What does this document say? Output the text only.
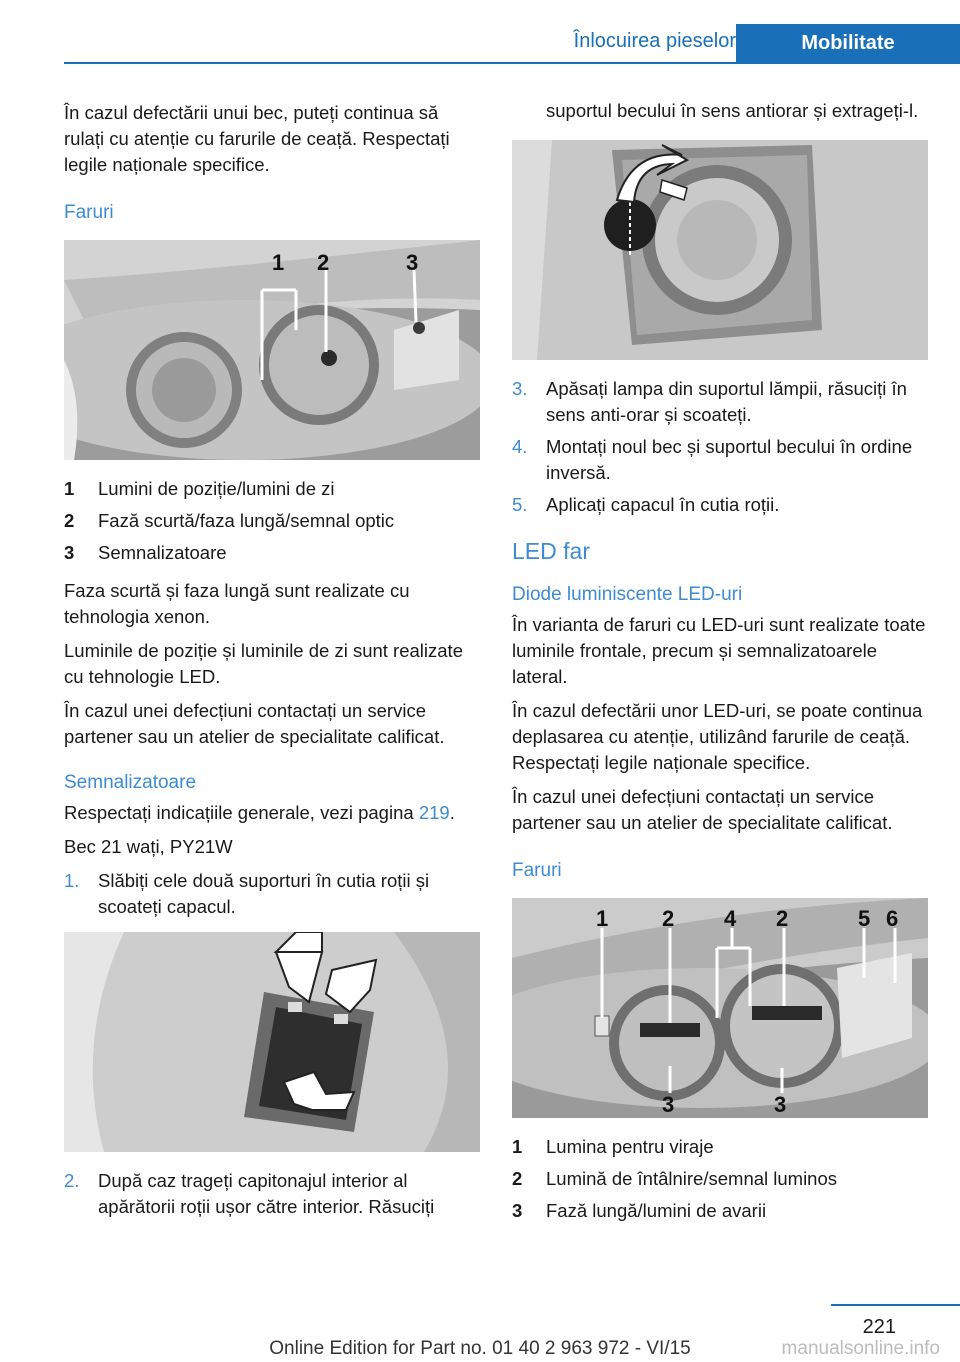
Înlocuirea pieselor	Mobilitate

În cazul defectării unui bec, puteți continua să rulați cu atenție cu farurile de ceață. Respectați legile naționale specifice.

Faruri
1 2	3
1	Lumini de poziție/lumini de zi
2	Fază scurtă/faza lungă/semnal optic
3	Semnalizatoare

Faza scurtă și faza lungă sunt realizate cu tehnologia xenon.

Luminile de poziție și luminile de zi sunt realizate cu tehnologie LED.

În cazul unei defecțiuni contactați un service partener sau un atelier de specialitate calificat.

Semnalizatoare

Respectați indicațiile generale, vezi pagina 219.

Bec 21 wați, PY21W

1.	Slăbiți cele două suporturi în cutia roții și scoateți capacul.
2.	După caz trageți capitonajul interior al apărătorii roții ușor către interior. Răsuciți

suportul becului în sens antiorar și extrageți-l.

3.	Apăsați lampa din suportul lămpii, răsuciți în sens anti-orar și scoateți.
4.	Montați noul bec și suportul becului în ordine inversă.
5.	Aplicați capacul în cutia roții.
LED far
Diode luminiscente LED-uri

În varianta de faruri cu LED-uri sunt realizate toate luminile frontale, precum și semnalizatoarele lateral.

În cazul defectării unor LED-uri, se poate continua deplasarea cu atenție, utilizând farurile de ceață. Respectați legile naționale specifice.

În cazul unei defecțiuni contactați un service partener sau un atelier de specialitate calificat.

Faruri
1 2 4 2	5 6
3	3
1	Lumina pentru viraje
2	Lumină de întâlnire/semnal luminos
3	Fază lungă/lumini de avarii
221
Online Edition for Part no. 01 40 2 963 972 - VI/15	manualsonline.info
